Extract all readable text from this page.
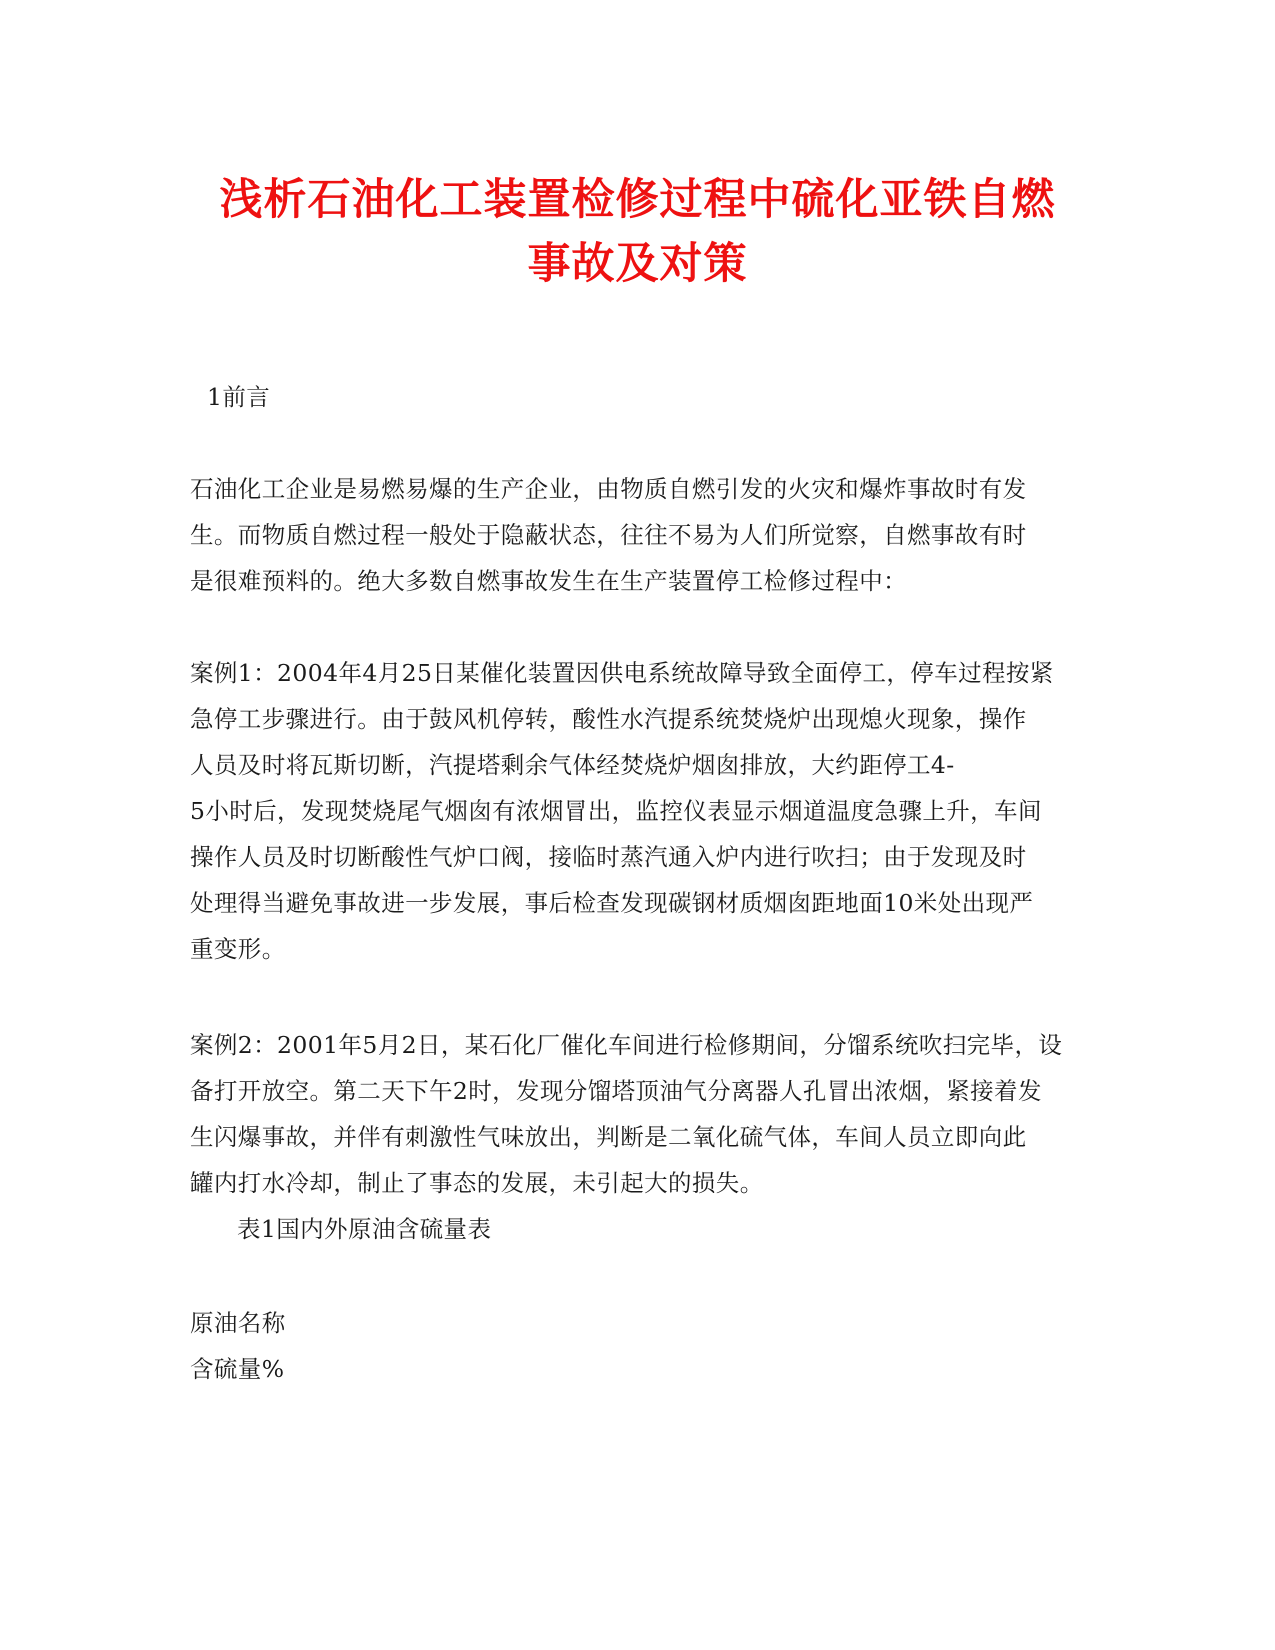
浅析石油化工装置检修过程中硫化亚铁自燃
事故及对策

1前言

石油化工企业是易燃易爆的生产企业，由物质自燃引发的火灾和爆炸事故时有发
生。而物质自燃过程一般处于隐蔽状态，往往不易为人们所觉察，自燃事故有时
是很难预料的。绝大多数自燃事故发生在生产装置停工检修过程中：

案例1：2004年4月25日某催化装置因供电系统故障导致全面停工，停车过程按紧
急停工步骤进行。由于鼓风机停转，酸性水汽提系统焚烧炉出现熄火现象，操作
人员及时将瓦斯切断，汽提塔剩余气体经焚烧炉烟囱排放，大约距停工4-
5小时后，发现焚烧尾气烟囱有浓烟冒出，监控仪表显示烟道温度急骤上升，车间
操作人员及时切断酸性气炉口阀，接临时蒸汽通入炉内进行吹扫；由于发现及时
处理得当避免事故进一步发展，事后检查发现碳钢材质烟囱距地面10米处出现严
重变形。

案例2：2001年5月2日，某石化厂催化车间进行检修期间，分馏系统吹扫完毕，设
备打开放空。第二天下午2时，发现分馏塔顶油气分离器人孔冒出浓烟，紧接着发
生闪爆事故，并伴有刺激性气味放出，判断是二氧化硫气体，车间人员立即向此
罐内打水冷却，制止了事态的发展，未引起大的损失。

表1国内外原油含硫量表

原油名称

含硫量%
